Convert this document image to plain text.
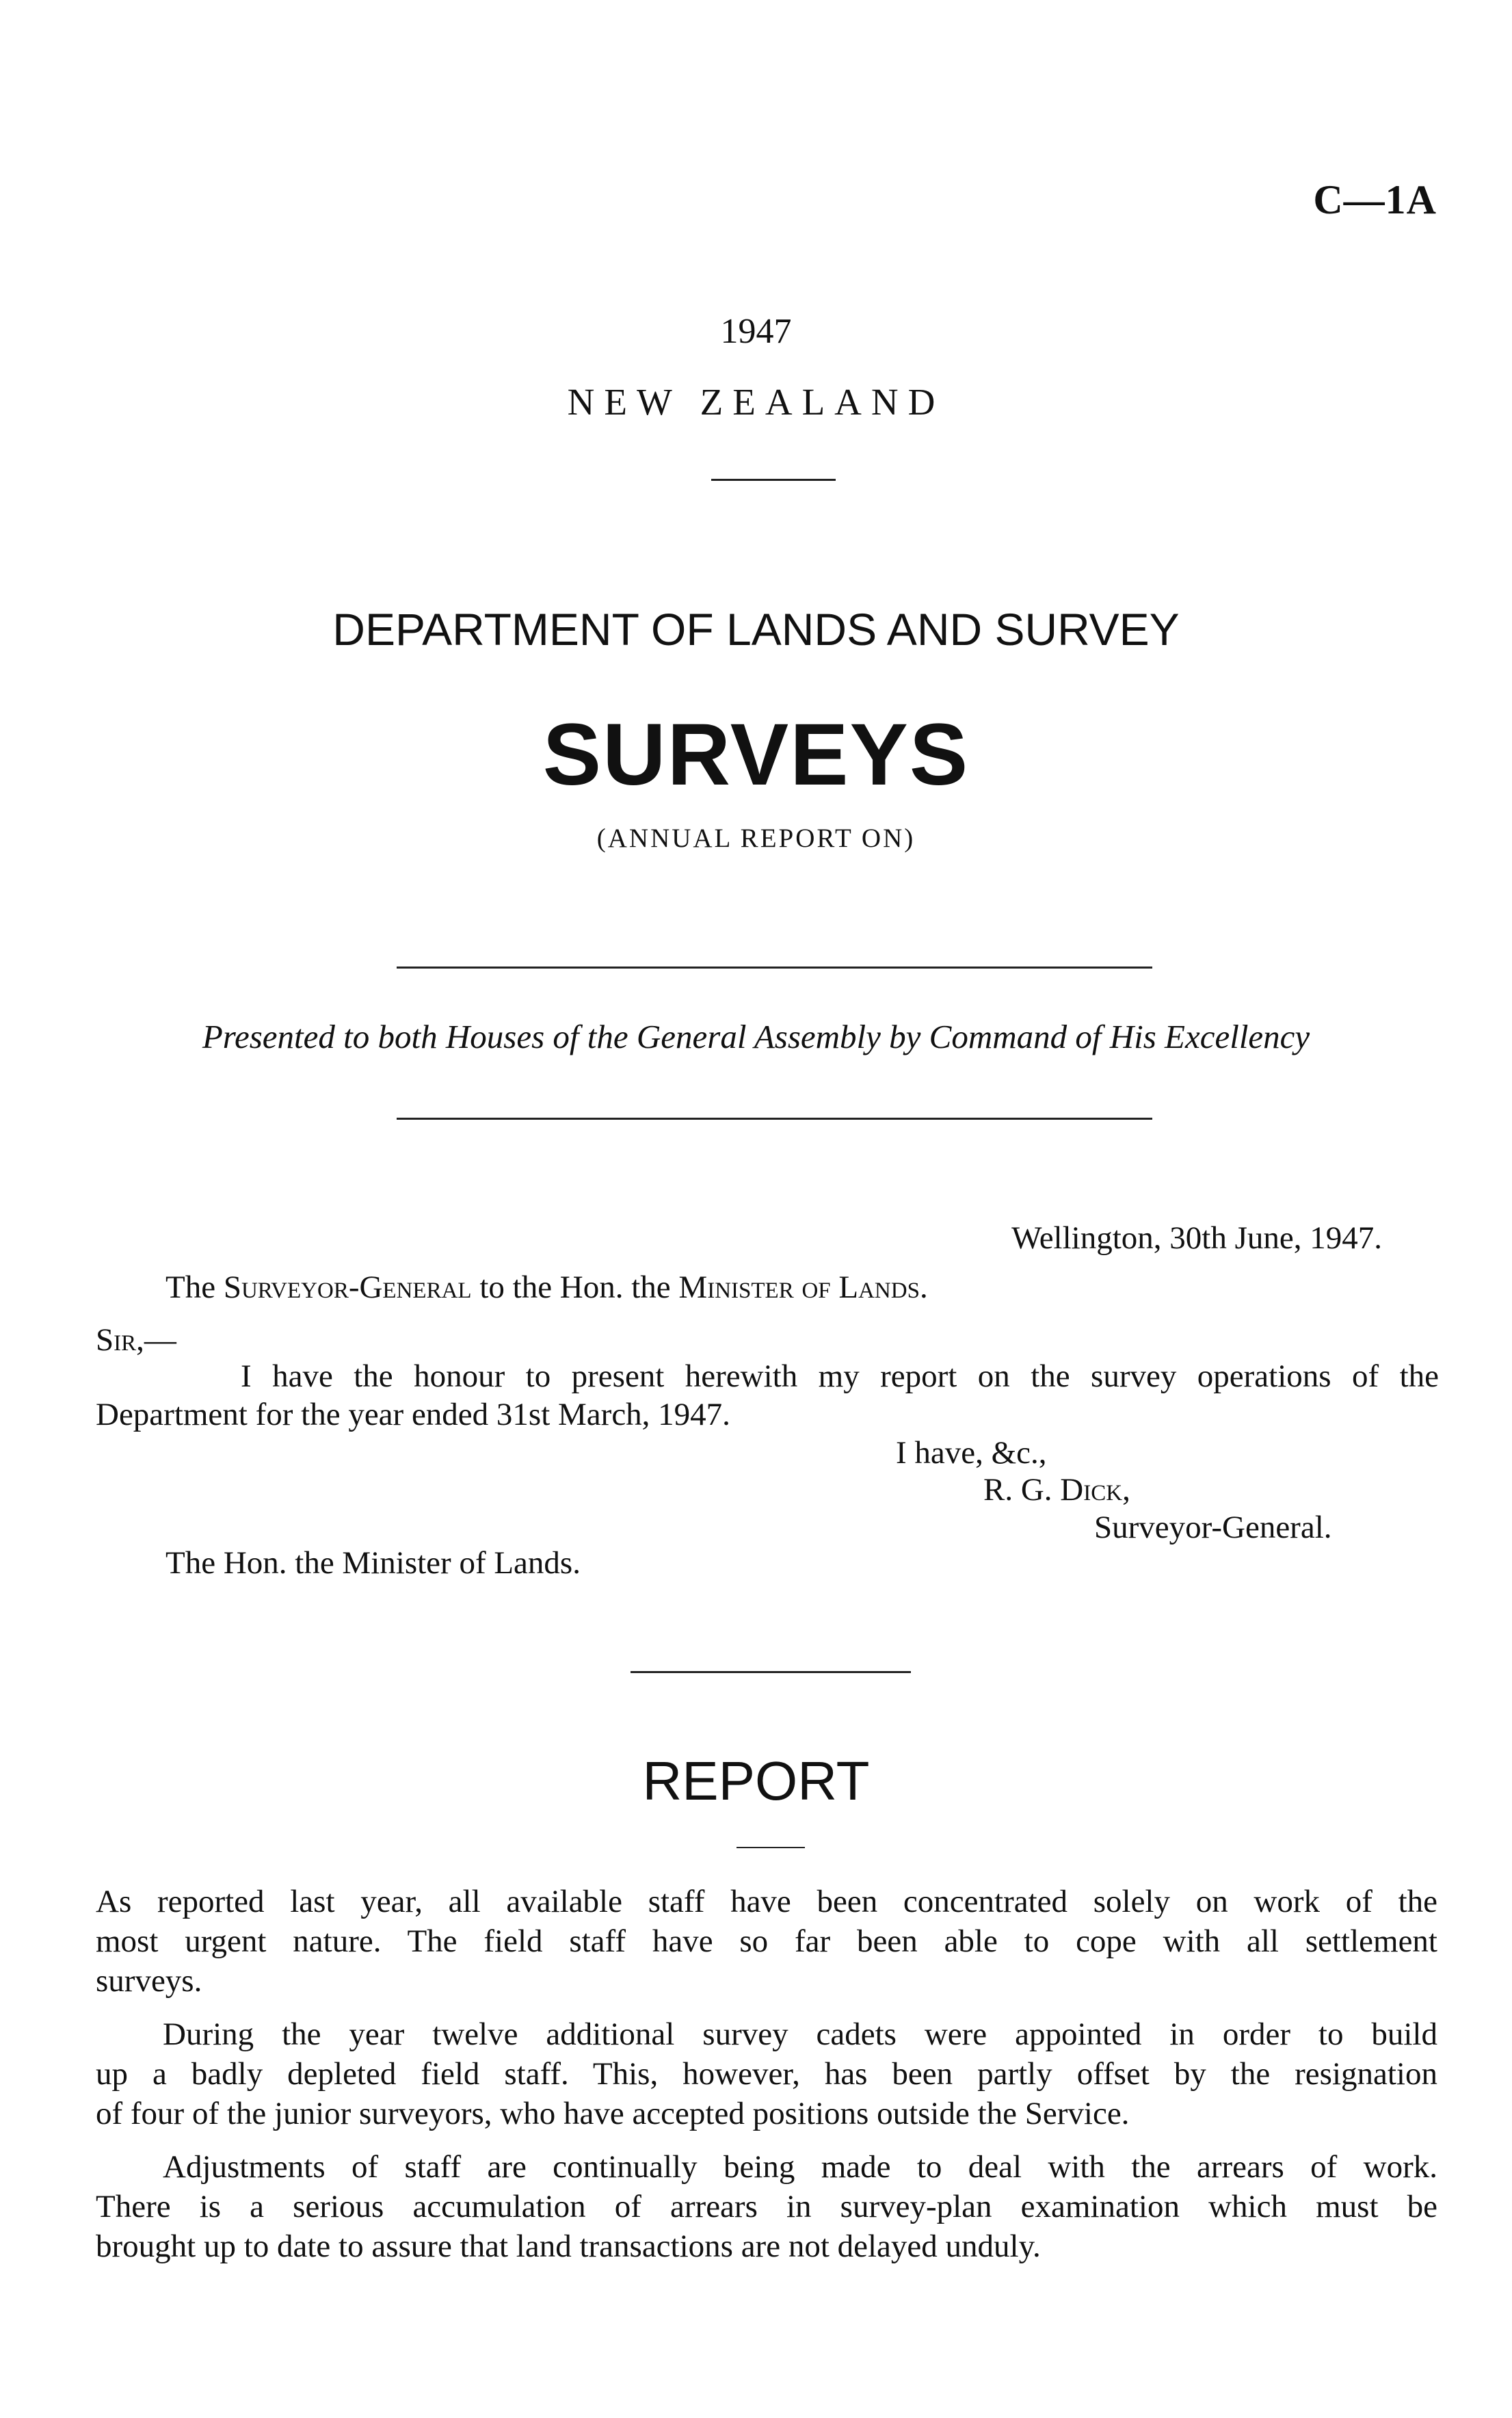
C—1A
1947
NEW ZEALAND
DEPARTMENT OF LANDS AND SURVEY
SURVEYS
(ANNUAL REPORT ON)
Presented to both Houses of the General Assembly by Command of His Excellency
Wellington, 30th June, 1947.
The Surveyor-General to the Hon. the Minister of Lands.
Sir,—
I have the honour to present herewith my report on the survey operations of the
Department for the year ended 31st March, 1947.
I have, &c.,
R. G. Dick,
Surveyor-General.
The Hon. the Minister of Lands.
REPORT
As reported last year, all available staff have been concentrated solely on work of the
most urgent nature. The field staff have so far been able to cope with all settlement
surveys.
During the year twelve additional survey cadets were appointed in order to build
up a badly depleted field staff. This, however, has been partly offset by the resignation
of four of the junior surveyors, who have accepted positions outside the Service.
Adjustments of staff are continually being made to deal with the arrears of work.
There is a serious accumulation of arrears in survey-plan examination which must be
brought up to date to assure that land transactions are not delayed unduly.
